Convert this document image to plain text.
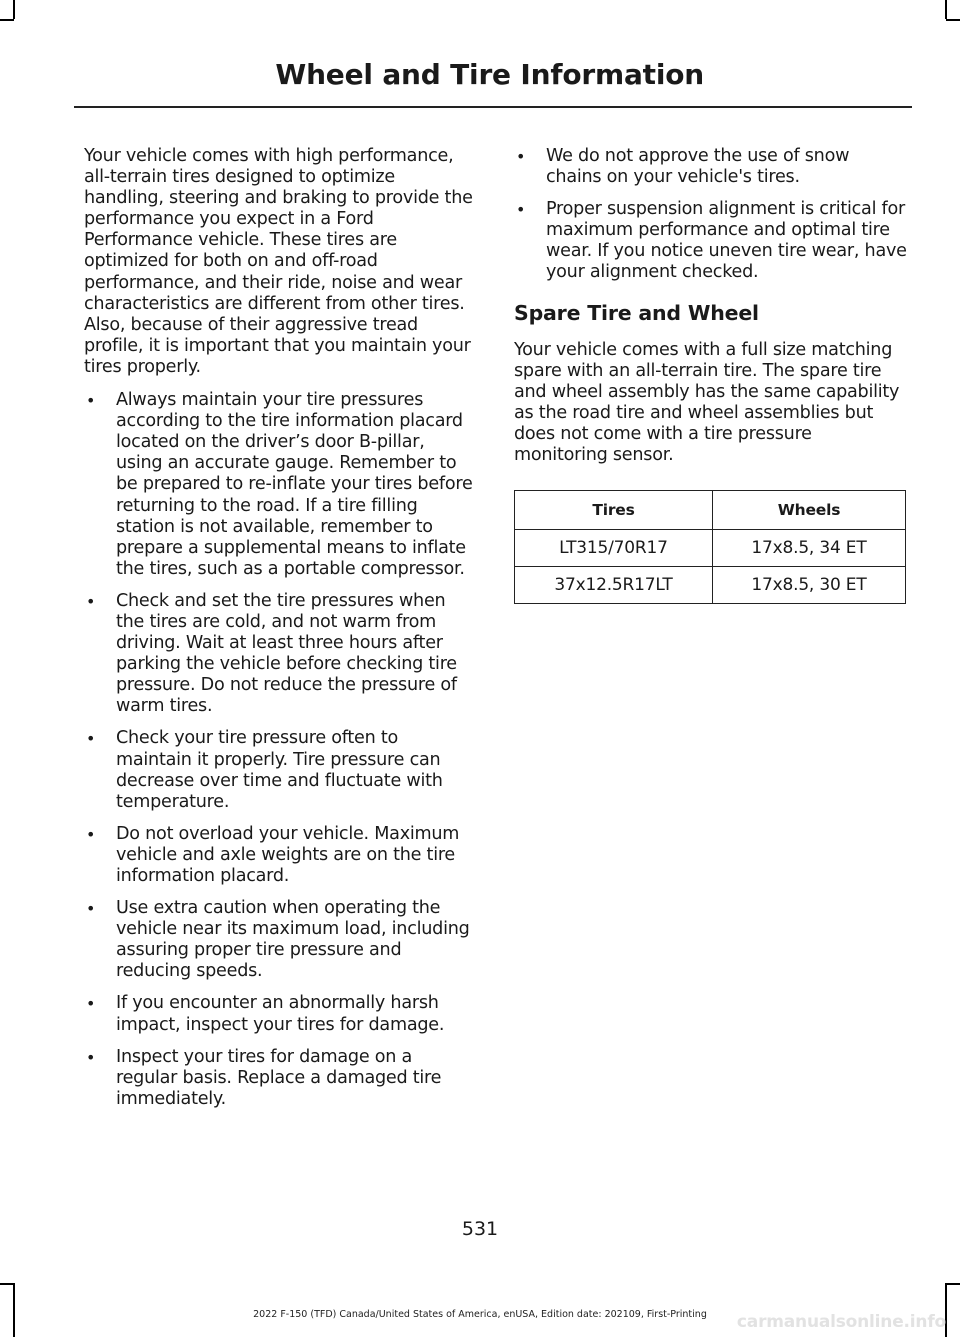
Wheel and Tire Information

Your vehicle comes with high performance, all-terrain tires designed to optimize handling, steering and braking to provide the performance you expect in a Ford Performance vehicle. These tires are optimized for both on and off-road performance, and their ride, noise and wear characteristics are different from other tires. Also, because of their aggressive tread profile, it is important that you maintain your tires properly.

• Always maintain your tire pressures according to the tire information placard located on the driver’s door B-pillar, using an accurate gauge. Remember to be prepared to re-inflate your tires before returning to the road. If a tire filling station is not available, remember to prepare a supplemental means to inflate the tires, such as a portable compressor.
• Check and set the tire pressures when the tires are cold, and not warm from driving. Wait at least three hours after parking the vehicle before checking tire pressure. Do not reduce the pressure of warm tires.
• Check your tire pressure often to maintain it properly. Tire pressure can decrease over time and fluctuate with temperature.
• Do not overload your vehicle. Maximum vehicle and axle weights are on the tire information placard.
• Use extra caution when operating the vehicle near its maximum load, including assuring proper tire pressure and reducing speeds.
• If you encounter an abnormally harsh impact, inspect your tires for damage.
• Inspect your tires for damage on a regular basis. Replace a damaged tire immediately.
• We do not approve the use of snow chains on your vehicle's tires.
• Proper suspension alignment is critical for maximum performance and optimal tire wear. If you notice uneven tire wear, have your alignment checked.
Spare Tire and Wheel

Your vehicle comes with a full size matching spare with an all-terrain tire. The spare tire and wheel assembly has the same capability as the road tire and wheel assemblies but does not come with a tire pressure monitoring sensor.

Tires	Wheels
LT315/70R17	17x8.5, 34 ET
37x12.5R17LT	17x8.5, 30 ET
531
2022 F-150 (TFD) Canada/United States of America, enUSA, Edition date: 202109, First-Printing	carmanualsonline.info
